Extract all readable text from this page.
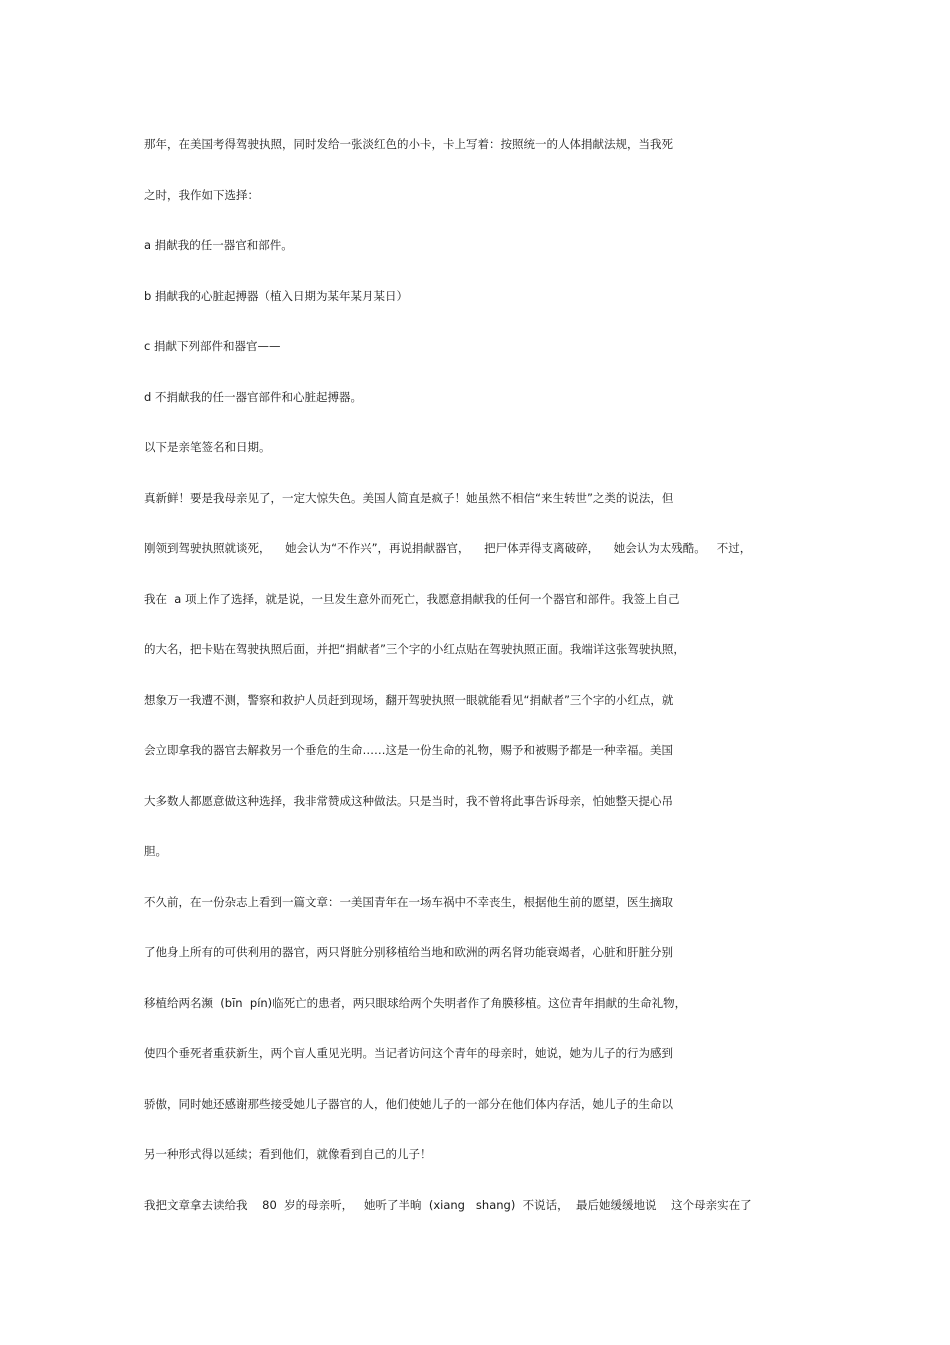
那年，在美国考得驾驶执照，同时发给一张淡红色的小卡，卡上写着：按照统一的人体捐献法规，当我死

之时，我作如下选择：

a 捐献我的任一器官和部件。

b 捐献我的心脏起搏器（植入日期为某年某月某日）

c 捐献下列部件和器官——

d 不捐献我的任一器官部件和心脏起搏器。

以下是亲笔签名和日期。

真新鲜！要是我母亲见了，一定大惊失色。美国人简直是疯子！她虽然不相信“来生转世”之类的说法，但

刚领到驾驶执照就谈死，    她会认为“不作兴”，再说捐献器官，    把尸体弄得支离破碎，    她会认为太残酷。   不过，

我在  a 项上作了选择，就是说，一旦发生意外而死亡，我愿意捐献我的任何一个器官和部件。我签上自己

的大名，把卡贴在驾驶执照后面，并把“捐献者”三个字的小红点贴在驾驶执照正面。我端详这张驾驶执照，

想象万一我遭不测，警察和救护人员赶到现场，翻开驾驶执照一眼就能看见“捐献者”三个字的小红点，就

会立即拿我的器官去解救另一个垂危的生命……这是一份生命的礼物，赐予和被赐予都是一种幸福。美国

大多数人都愿意做这种选择，我非常赞成这种做法。只是当时，我不曾将此事告诉母亲，怕她整天提心吊

胆。

不久前，在一份杂志上看到一篇文章：一美国青年在一场车祸中不幸丧生，根据他生前的愿望，医生摘取

了他身上所有的可供利用的器官，两只肾脏分别移植给当地和欧洲的两名肾功能衰竭者，心脏和肝脏分别

移植给两名濒  (bīn  pín)临死亡的患者，两只眼球给两个失明者作了角膜移植。这位青年捐献的生命礼物，

使四个垂死者重获新生，两个盲人重见光明。当记者访问这个青年的母亲时，她说，她为儿子的行为感到

骄傲，同时她还感谢那些接受她儿子器官的人，他们使她儿子的一部分在他们体内存活，她儿子的生命以

另一种形式得以延续；看到他们，就像看到自己的儿子！

我把文章拿去读给我    80  岁的母亲听，   她听了半晌  (xiang   shang)  不说话，  最后她缓缓地说    这个母亲实在了
